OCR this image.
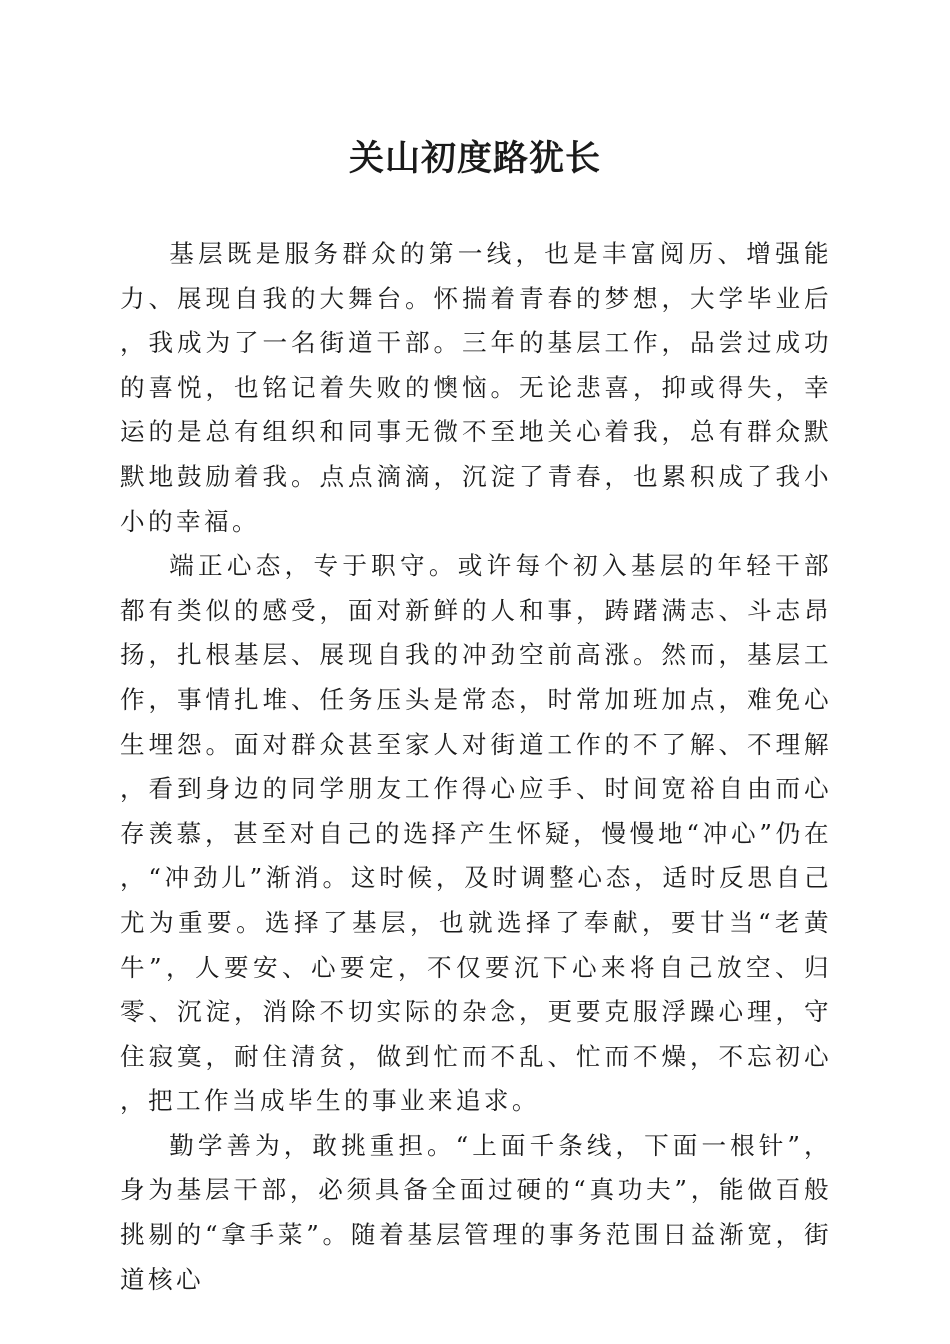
关山初度路犹长

基层既是服务群众的第一线，也是丰富阅历、增强能力、展现自我的大舞台。怀揣着青春的梦想，大学毕业后，我成为了一名街道干部。三年的基层工作，品尝过成功的喜悦，也铭记着失败的懊恼。无论悲喜，抑或得失，幸运的是总有组织和同事无微不至地关心着我，总有群众默默地鼓励着我。点点滴滴，沉淀了青春，也累积成了我小小的幸福。

端正心态，专于职守。或许每个初入基层的年轻干部都有类似的感受，面对新鲜的人和事，踌躇满志、斗志昂扬，扎根基层、展现自我的冲劲空前高涨。然而，基层工作，事情扎堆、任务压头是常态，时常加班加点，难免心生埋怨。面对群众甚至家人对街道工作的不了解、不理解，看到身边的同学朋友工作得心应手、时间宽裕自由而心存羡慕，甚至对自己的选择产生怀疑，慢慢地“冲心”仍在，“冲劲儿”渐消。这时候，及时调整心态，适时反思自己尤为重要。选择了基层，也就选择了奉献，要甘当“老黄牛”，人要安、心要定，不仅要沉下心来将自己放空、归零、沉淀，消除不切实际的杂念，更要克服浮躁心理，守住寂寞，耐住清贫，做到忙而不乱、忙而不燥，不忘初心，把工作当成毕生的事业来追求。

勤学善为，敢挑重担。“上面千条线，下面一根针”，身为基层干部，必须具备全面过硬的“真功夫”，能做百般挑剔的“拿手菜”。随着基层管理的事务范围日益渐宽，街道核心
